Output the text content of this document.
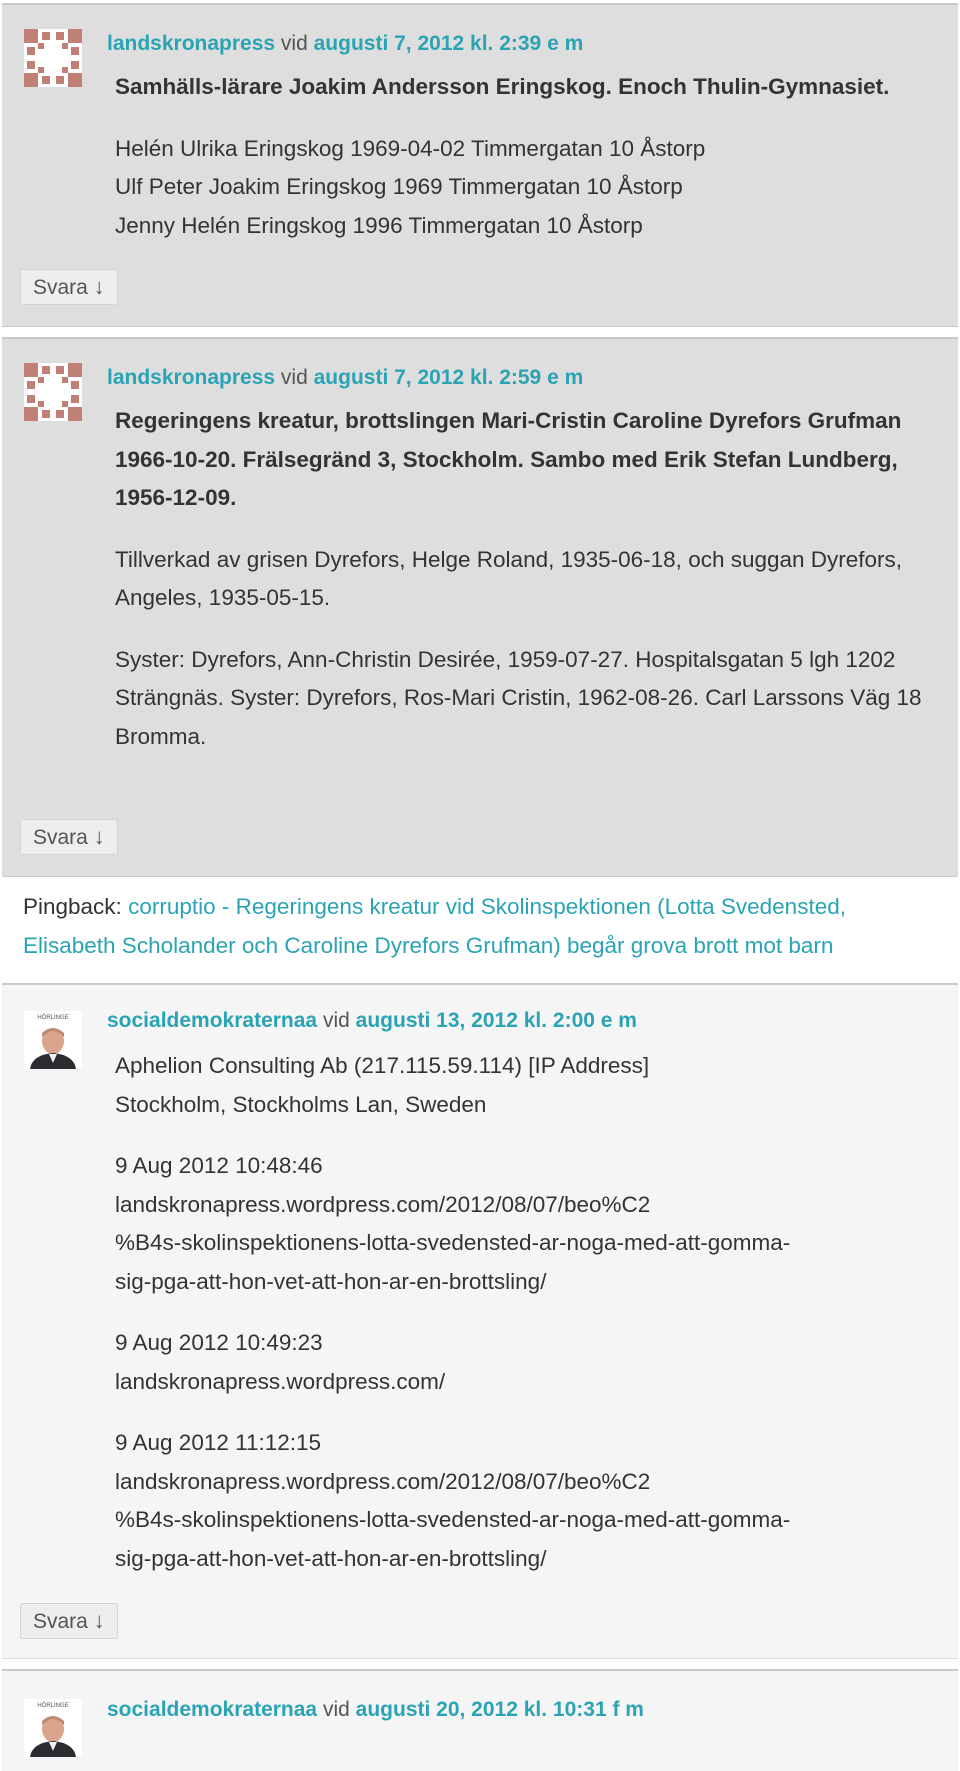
landskronapress vid augusti 7, 2012 kl. 2:39 e m

Samhälls-lärare Joakim Andersson Eringskog. Enoch Thulin-Gymnasiet.

Helén Ulrika Eringskog 1969-04-02 Timmergatan 10 Åstorp
Ulf Peter Joakim Eringskog 1969 Timmergatan 10 Åstorp
Jenny Helén Eringskog 1996 Timmergatan 10 Åstorp

Svara ↓
landskronapress vid augusti 7, 2012 kl. 2:59 e m

Regeringens kreatur, brottslingen Mari-Cristin Caroline Dyrefors Grufman 1966-10-20. Frälsegränd 3, Stockholm. Sambo med Erik Stefan Lundberg, 1956-12-09.

Tillverkad av grisen Dyrefors, Helge Roland, 1935-06-18, och suggan Dyrefors, Angeles, 1935-05-15.

Syster: Dyrefors, Ann-Christin Desirée, 1959-07-27. Hospitalsgatan 5 lgh 1202 Strängnäs. Syster: Dyrefors, Ros-Mari Cristin, 1962-08-26. Carl Larssons Väg 18 Bromma.

Svara ↓
Pingback: corruptio - Regeringens kreatur vid Skolinspektionen (Lotta Svedensted, Elisabeth Scholander och Caroline Dyrefors Grufman) begår grova brott mot barn
HÖRLINGE socialdemokraternaa vid augusti 13, 2012 kl. 2:00 e m

Aphelion Consulting Ab (217.115.59.114) [IP Address]
Stockholm, Stockholms Lan, Sweden

9 Aug 2012 10:48:46
landskronapress.wordpress.com/2012/08/07/beo%C2
%B4s-skolinspektionens-lotta-svedensted-ar-noga-med-att-gomma-
sig-pga-att-hon-vet-att-hon-ar-en-brottsling/

9 Aug 2012 10:49:23
landskronapress.wordpress.com/

9 Aug 2012 11:12:15
landskronapress.wordpress.com/2012/08/07/beo%C2
%B4s-skolinspektionens-lotta-svedensted-ar-noga-med-att-gomma-
sig-pga-att-hon-vet-att-hon-ar-en-brottsling/

Svara ↓
HÖRLINGE socialdemokraternaa vid augusti 20, 2012 kl. 10:31 f m
